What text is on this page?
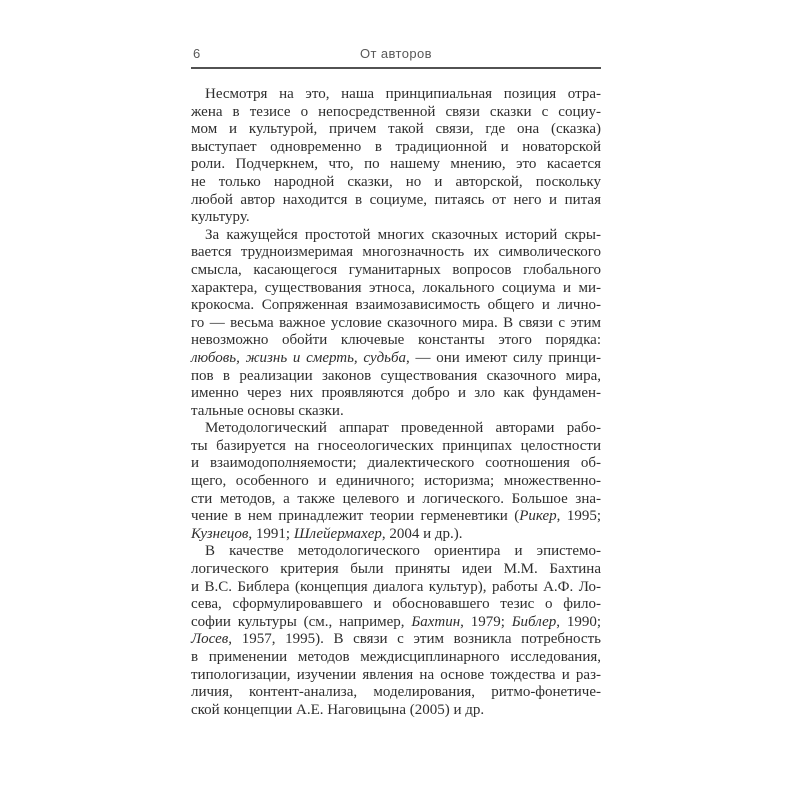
6	От авторов

Несмотря на это, наша принципиальная позиция отра-
жена в тезисе о непосредственной связи сказки с социу-
мом и культурой, причем такой связи, где она (сказка)
выступает одновременно в традиционной и новаторской
роли. Подчеркнем, что, по нашему мнению, это касается
не только народной сказки, но и авторской, поскольку
любой автор находится в социуме, питаясь от него и питая
культуру.

За кажущейся простотой многих сказочных историй скры-
вается трудноизмеримая многозначность их символического
смысла, касающегося гуманитарных вопросов глобального
характера, существования этноса, локального социума и ми-
крокосма. Сопряженная взаимозависимость общего и лично-
го — весьма важное условие сказочного мира. В связи с этим
невозможно обойти ключевые константы этого порядка:
любовь, жизнь и смерть, судьба, — они имеют силу принци-
пов в реализации законов существования сказочного мира,
именно через них проявляются добро и зло как фундамен-
тальные основы сказки.

Методологический аппарат проведенной авторами рабо-
ты базируется на гносеологических принципах целостности
и взаимодополняемости; диалектического соотношения об-
щего, особенного и единичного; историзма; множественно-
сти методов, а также целевого и логического. Большое зна-
чение в нем принадлежит теории герменевтики (Рикер, 1995;
Кузнецов, 1991; Шлейермахер, 2004 и др.).

В качестве методологического ориентира и эпистемо-
логического критерия были приняты идеи М.М. Бахтина
и В.С. Библера (концепция диалога культур), работы А.Ф. Ло-
сева, сформулировавшего и обосновавшего тезис о фило-
софии культуры (см., например, Бахтин, 1979; Библер, 1990;
Лосев, 1957, 1995). В связи с этим возникла потребность
в применении методов междисциплинарного исследования,
типологизации, изучении явления на основе тождества и раз-
личия, контент-анализа, моделирования, ритмо-фонетиче-
ской концепции А.Е. Наговицына (2005) и др.
